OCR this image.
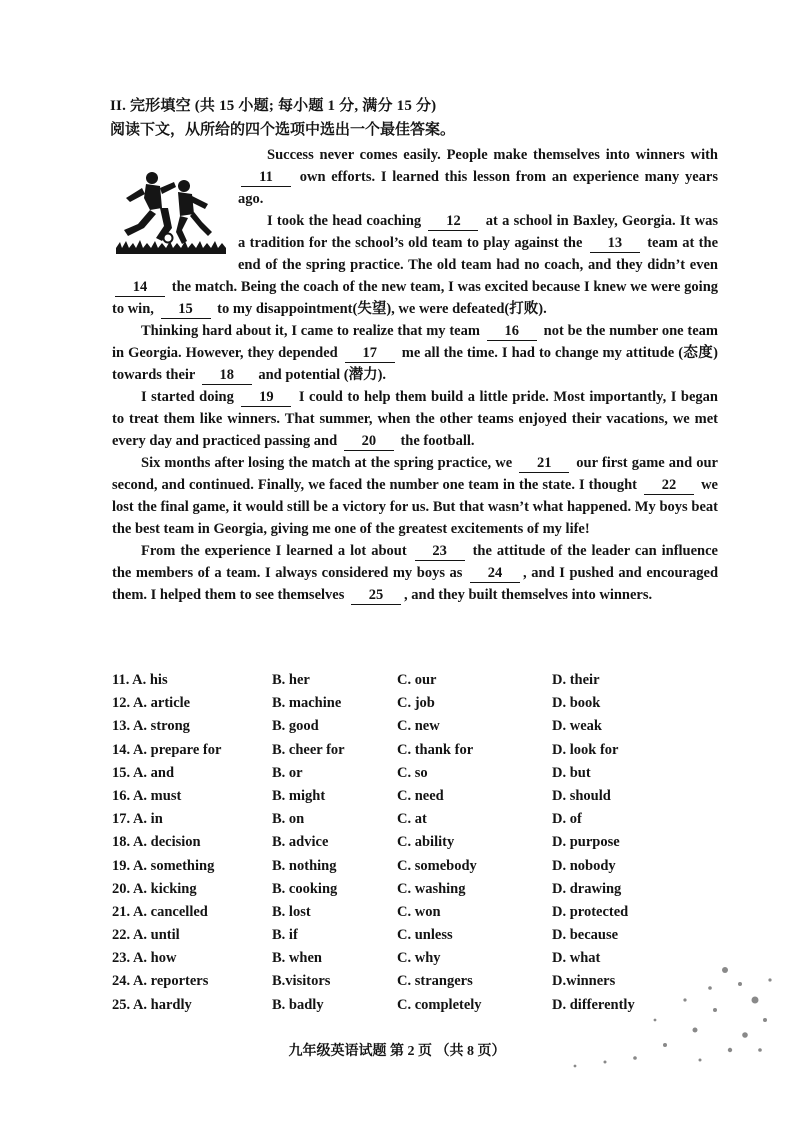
II. 完形填空 (共 15 小题; 每小题 1 分, 满分 15 分)
阅读下文，从所给的四个选项中选出一个最佳答案。

Success never comes easily. People make themselves into winners with 11 own efforts. I learned this lesson from an experience many years ago.
I took the head coaching 12 at a school in Baxley, Georgia. It was a tradition for the school’s old team to play against the 13 team at the end of the spring practice. The old team had no coach, and they didn’t even 14 the match. Being the coach of the new team, I was excited because I knew we were going to win, 15 to my disappointment(失望), we were defeated(打败).

Thinking hard about it, I came to realize that my team 16 not be the number one team in Georgia. However, they depended 17 me all the time. I had to change my attitude (态度) towards their 18 and potential (潜力).

I started doing 19 I could to help them build a little pride. Most importantly, I began to treat them like winners. That summer, when the other teams enjoyed their vacations, we met every day and practiced passing and 20 the football.

Six months after losing the match at the spring practice, we 21 our first game and our second, and continued. Finally, we faced the number one team in the state. I thought 22 we lost the final game, it would still be a victory for us. But that wasn’t what happened. My boys beat the best team in Georgia, giving me one of the greatest excitements of my life!

From the experience I learned a lot about 23 the attitude of the leader can influence the members of a team. I always considered my boys as 24 , and I pushed and encouraged them. I helped them to see themselves 25 , and they built themselves into winners.

11. A. his	B. her	C. our	D. their
12. A. article	B. machine	C. job	D. book
13. A. strong	B. good	C. new	D. weak
14. A. prepare for	B. cheer for	C. thank for	D. look for
15. A. and	B. or	C. so	D. but
16. A. must	B. might	C. need	D. should
17. A. in	B. on	C. at	D. of
18. A. decision	B. advice	C. ability	D. purpose
19. A. something	B. nothing	C. somebody	D. nobody
20. A. kicking	B. cooking	C. washing	D. drawing
21. A. cancelled	B. lost	C. won	D. protected
22. A. until	B. if	C. unless	D. because
23. A. how	B. when	C. why	D. what
24. A. reporters	B.visitors	C. strangers	D.winners
25. A. hardly	B. badly	C. completely	D. differently
九年级英语试题 第 2 页 （共 8 页）
